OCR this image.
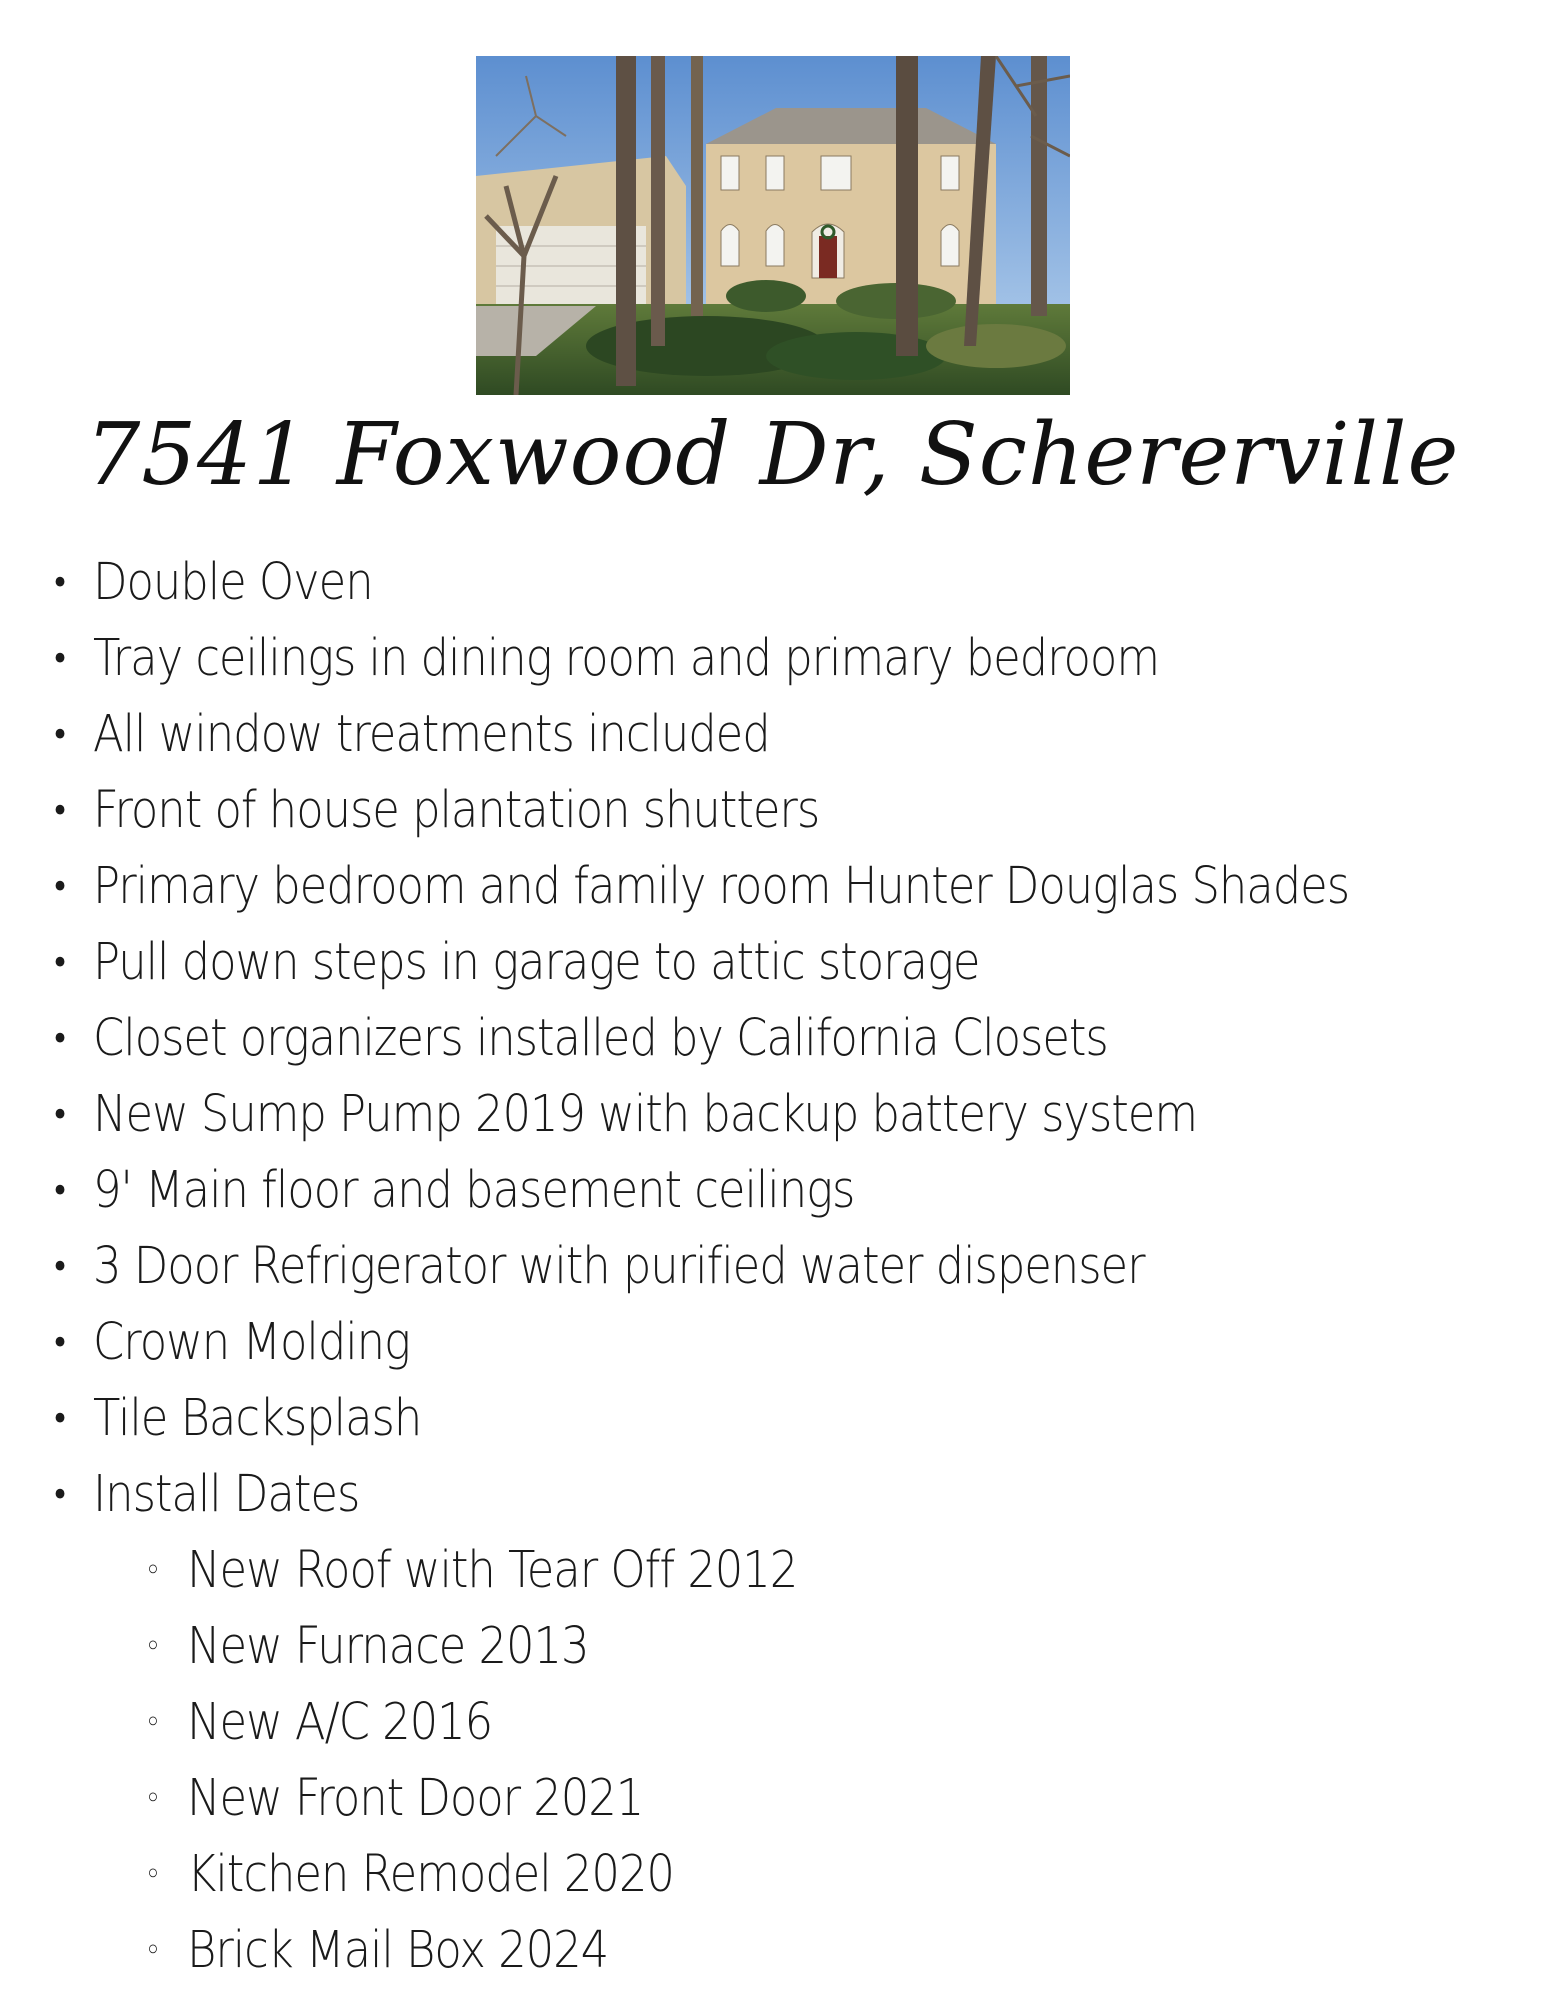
7541 Foxwood Dr, Schererville
• Double Oven
• Tray ceilings in dining room and primary bedroom
• All window treatments included
• Front of house plantation shutters
• Primary bedroom and family room Hunter Douglas Shades
• Pull down steps in garage to attic storage
• Closet organizers installed by California Closets
• New Sump Pump 2019 with backup battery system
• 9' Main floor and basement ceilings
• 3 Door Refrigerator with purified water dispenser
• Crown Molding
• Tile Backsplash
• Install Dates
◦ New Roof with Tear Off 2012
◦ New Furnace 2013
◦ New A/C 2016
◦ New Front Door 2021
◦ Kitchen Remodel 2020
◦ Brick Mail Box 2024
